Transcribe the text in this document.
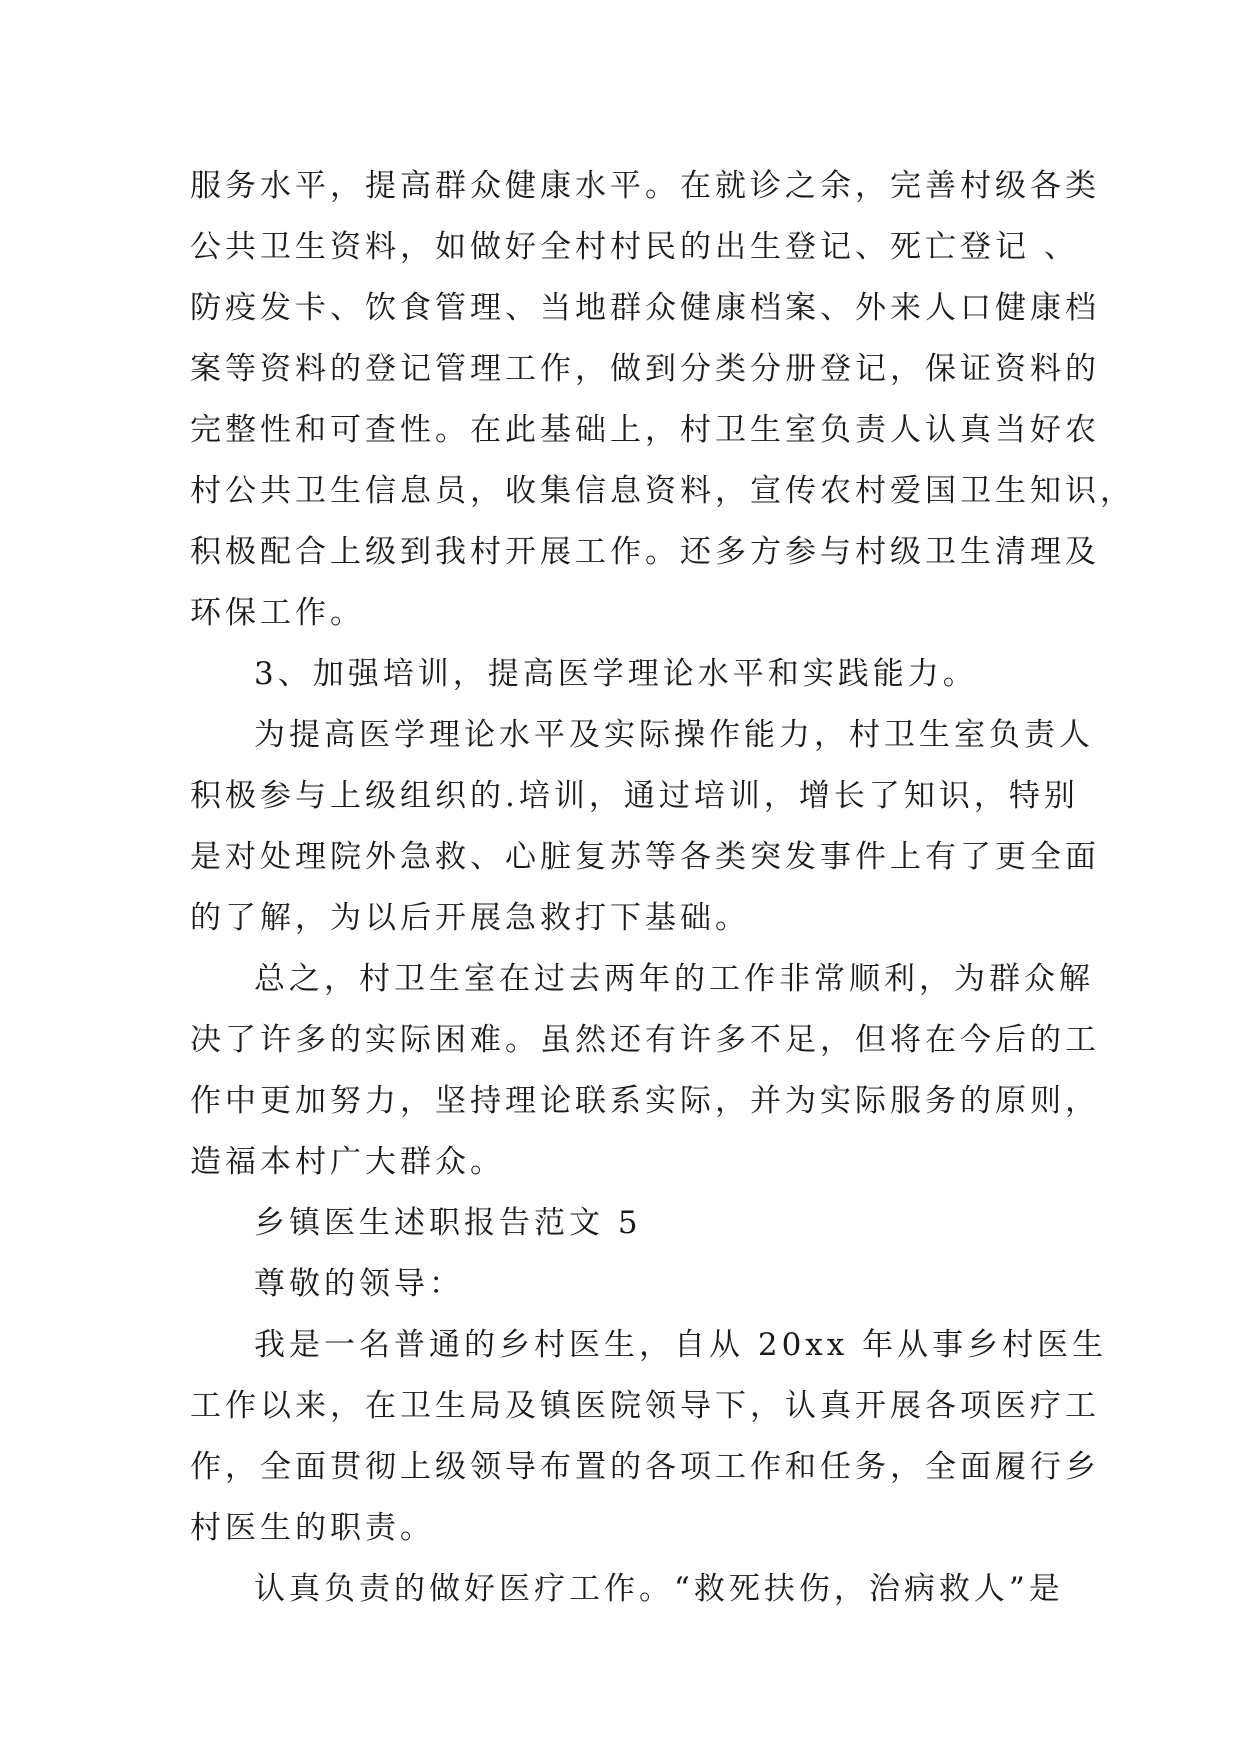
服务水平，提高群众健康水平。在就诊之余，完善村级各类
公共卫生资料，如做好全村村民的出生登记、死亡登记 、
防疫发卡、饮食管理、当地群众健康档案、外来人口健康档
案等资料的登记管理工作，做到分类分册登记，保证资料的
完整性和可查性。在此基础上，村卫生室负责人认真当好农
村公共卫生信息员，收集信息资料，宣传农村爱国卫生知识，
积极配合上级到我村开展工作。还多方参与村级卫生清理及
环保工作。
3、加强培训，提高医学理论水平和实践能力。
为提高医学理论水平及实际操作能力，村卫生室负责人
积极参与上级组织的.培训，通过培训，增长了知识，特别
是对处理院外急救、心脏复苏等各类突发事件上有了更全面
的了解，为以后开展急救打下基础。
总之，村卫生室在过去两年的工作非常顺利，为群众解
决了许多的实际困难。虽然还有许多不足，但将在今后的工
作中更加努力，坚持理论联系实际，并为实际服务的原则，
造福本村广大群众。
乡镇医生述职报告范文 5
尊敬的领导：
我是一名普通的乡村医生，自从 20xx 年从事乡村医生
工作以来，在卫生局及镇医院领导下，认真开展各项医疗工
作，全面贯彻上级领导布置的各项工作和任务，全面履行乡
村医生的职责。
认真负责的做好医疗工作。“救死扶伤，治病救人”是
